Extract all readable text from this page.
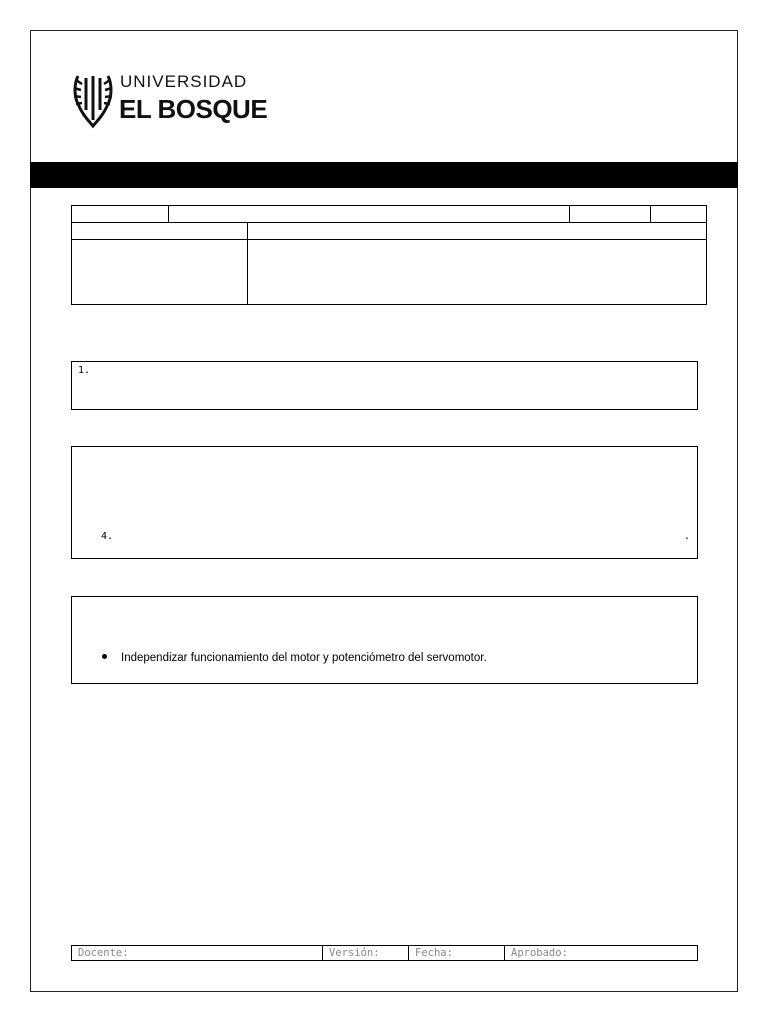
UNIVERSIDAD
EL BOSQUE

1.
4.	.
Independizar funcionamiento del motor y potenciómetro del servomotor.
Docente:	Versión:	Fecha:	Aprobado:
